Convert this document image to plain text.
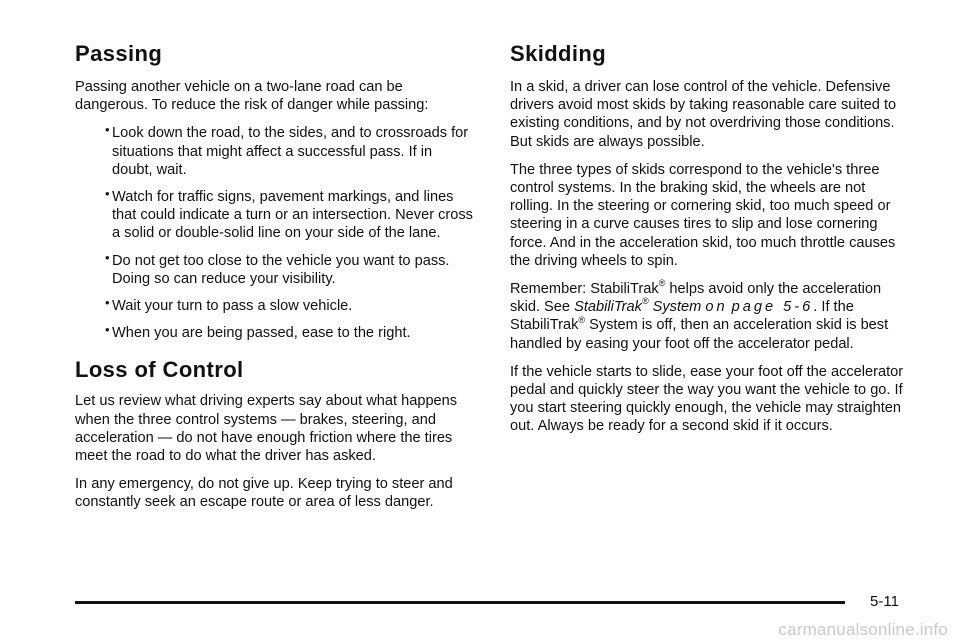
Passing

Passing another vehicle on a two-lane road can be dangerous. To reduce the risk of danger while passing:

• Look down the road, to the sides, and to crossroads for situations that might affect a successful pass. If in doubt, wait.
• Watch for traffic signs, pavement markings, and lines that could indicate a turn or an intersection. Never cross a solid or double-solid line on your side of the lane.
• Do not get too close to the vehicle you want to pass. Doing so can reduce your visibility.
• Wait your turn to pass a slow vehicle.
• When you are being passed, ease to the right.
Loss of Control

Let us review what driving experts say about what happens when the three control systems — brakes, steering, and acceleration — do not have enough friction where the tires meet the road to do what the driver has asked.

In any emergency, do not give up. Keep trying to steer and constantly seek an escape route or area of less danger.

Skidding

In a skid, a driver can lose control of the vehicle. Defensive drivers avoid most skids by taking reasonable care suited to existing conditions, and by not overdriving those conditions. But skids are always possible.

The three types of skids correspond to the vehicle's three control systems. In the braking skid, the wheels are not rolling. In the steering or cornering skid, too much speed or steering in a curve causes tires to slip and lose cornering force. And in the acceleration skid, too much throttle causes the driving wheels to spin.

Remember: StabiliTrak® helps avoid only the acceleration skid. See StabiliTrak® System on page 5-6. If the StabiliTrak® System is off, then an acceleration skid is best handled by easing your foot off the accelerator pedal.

If the vehicle starts to slide, ease your foot off the accelerator pedal and quickly steer the way you want the vehicle to go. If you start steering quickly enough, the vehicle may straighten out. Always be ready for a second skid if it occurs.

5-11
carmanualsonline.info
